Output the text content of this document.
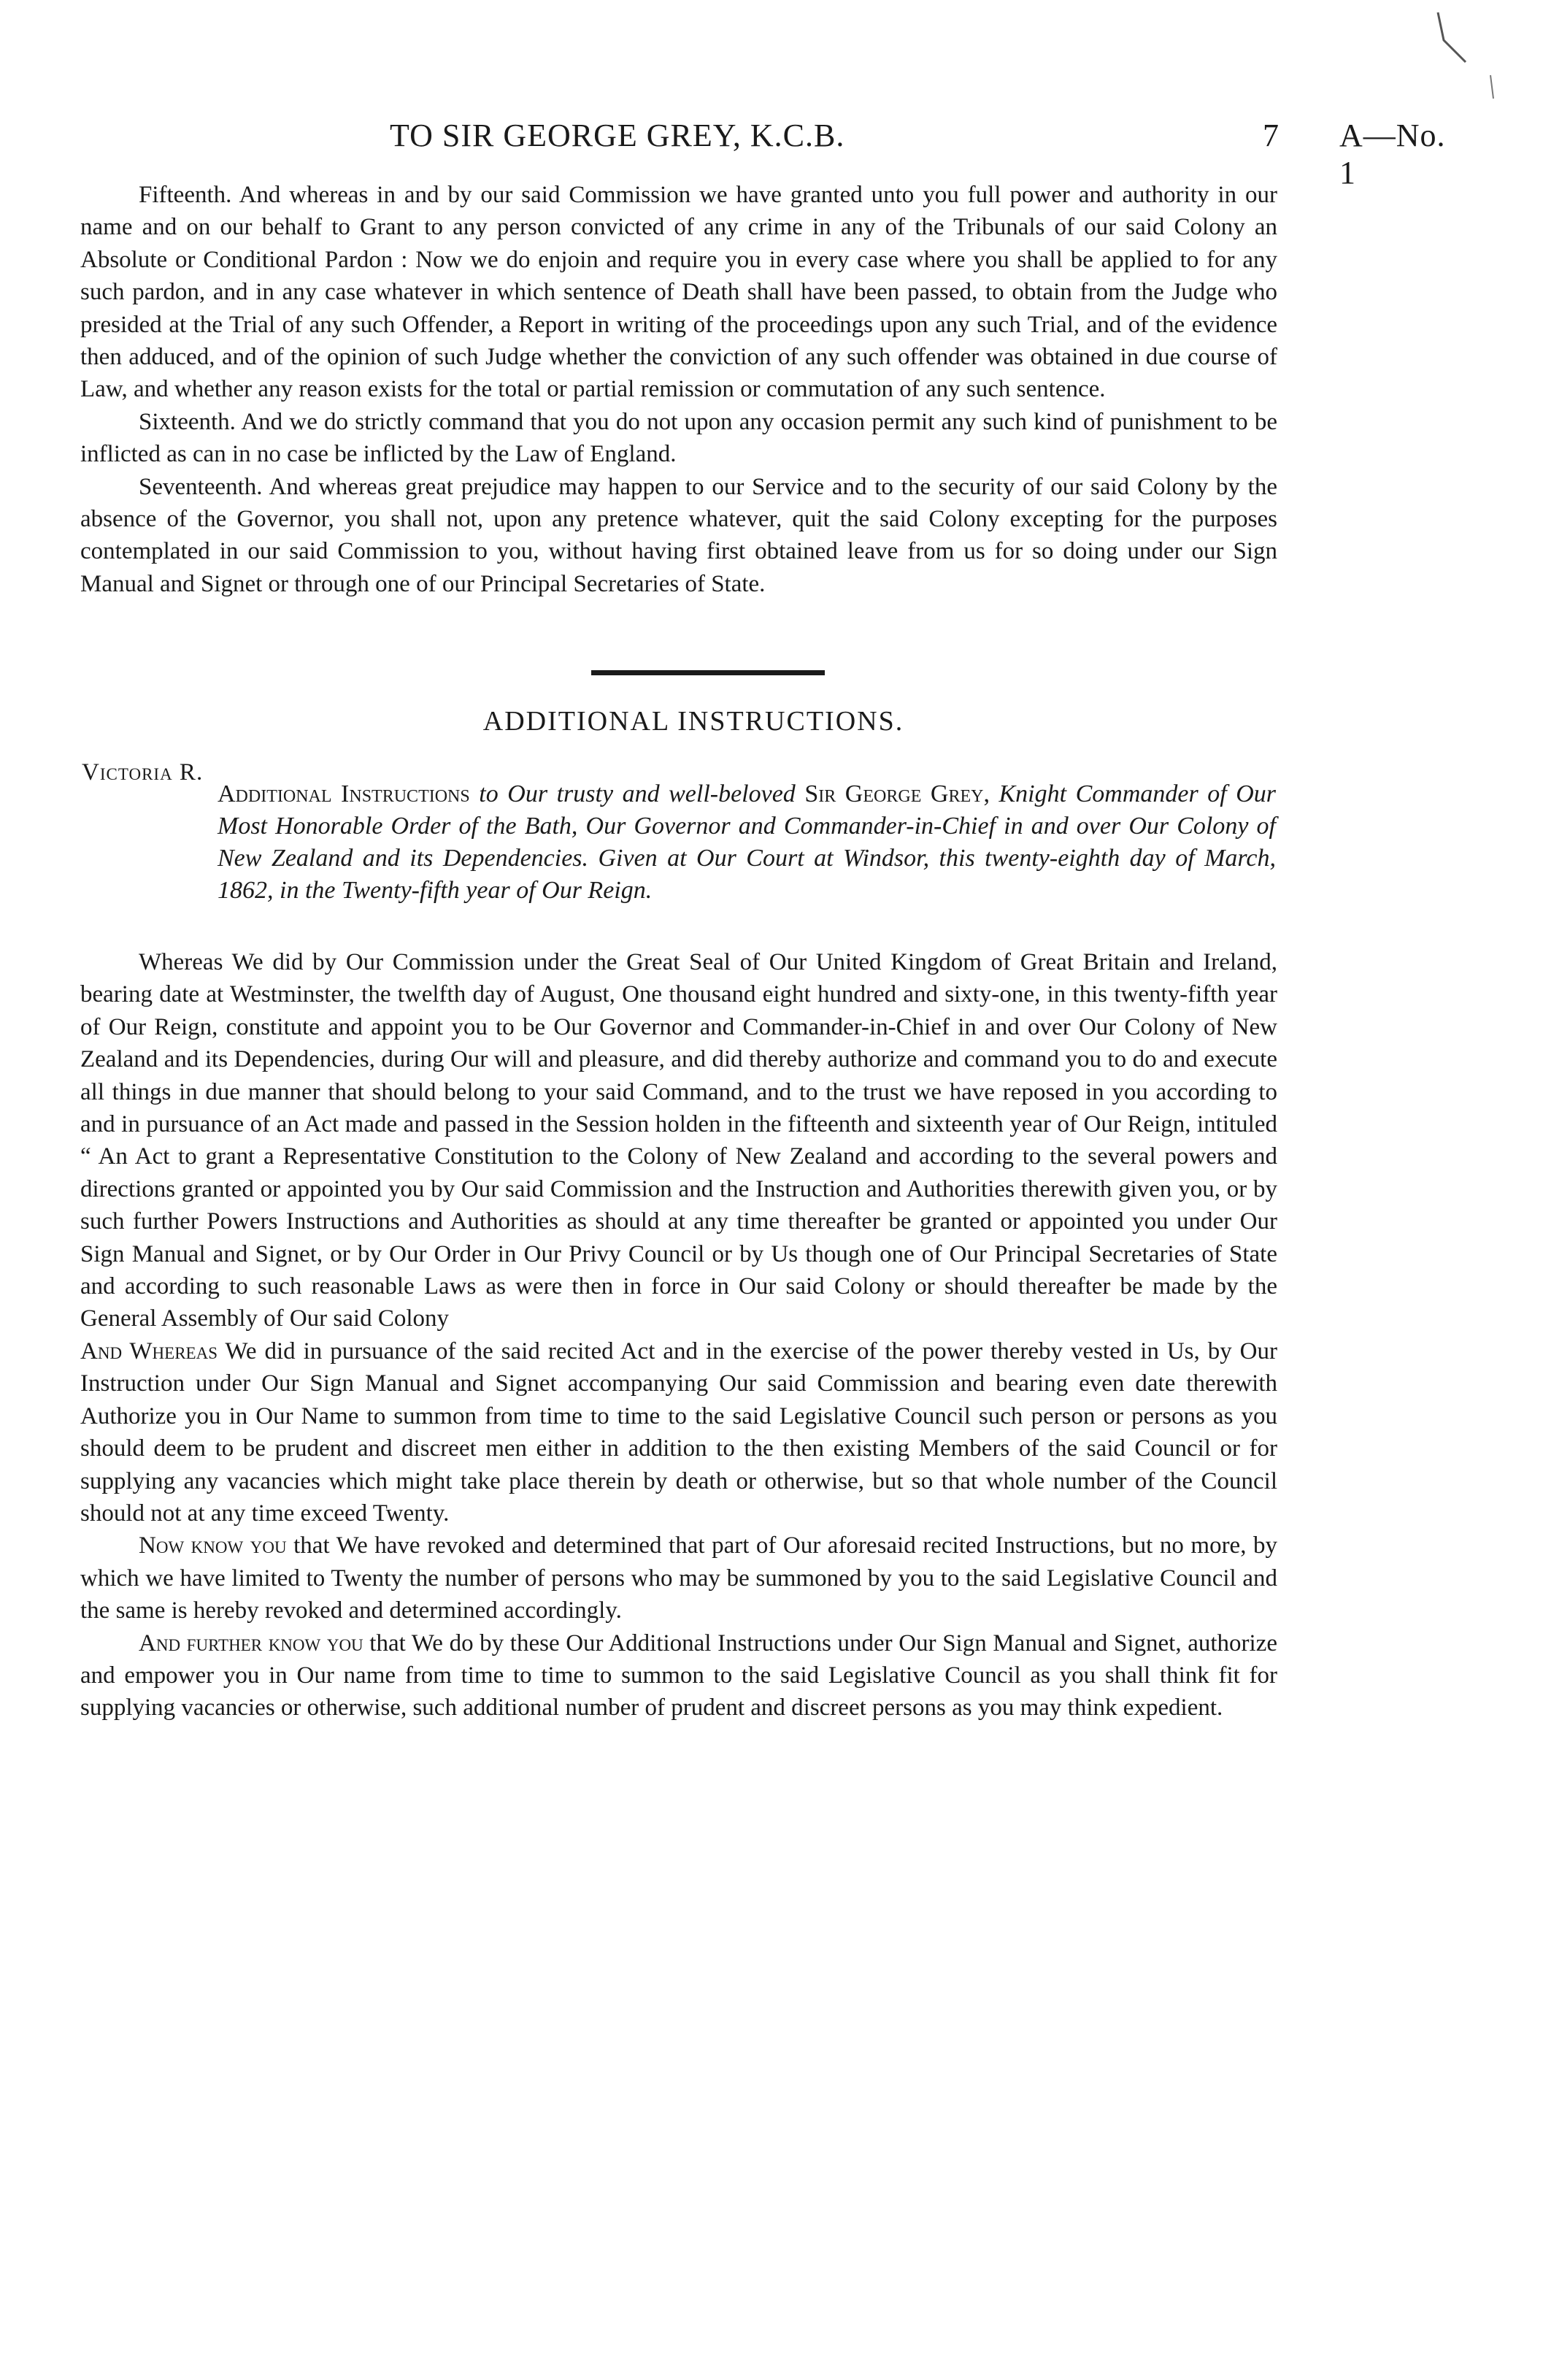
TO SIR GEORGE GREY, K.C.B.	7 A—No. 1

Fifteenth. And whereas in and by our said Commission we have granted unto you full power and authority in our name and on our behalf to Grant to any person convicted of any crime in any of the Tribunals of our said Colony an Absolute or Conditional Pardon : Now we do enjoin and require you in every case where you shall be applied to for any such pardon, and in any case whatever in which sentence of Death shall have been passed, to obtain from the Judge who presided at the Trial of any such Offender, a Report in writing of the proceedings upon any such Trial, and of the evidence then adduced, and of the opinion of such Judge whether the conviction of any such offender was obtained in due course of Law, and whether any reason exists for the total or partial remission or commutation of any such sentence.

Sixteenth. And we do strictly command that you do not upon any occasion permit any such kind of punishment to be inflicted as can in no case be inflicted by the Law of England.

Seventeenth. And whereas great prejudice may happen to our Service and to the security of our said Colony by the absence of the Governor, you shall not, upon any pretence whatever, quit the said Colony excepting for the purposes contemplated in our said Commission to you, without having first obtained leave from us for so doing under our Sign Manual and Signet or through one of our Principal Secretaries of State.

ADDITIONAL INSTRUCTIONS.
Victoria R.
Additional Instructions to Our trusty and well-beloved Sir George Grey, Knight Commander of Our Most Honorable Order of the Bath, Our Governor and Commander-in-Chief in and over Our Colony of New Zealand and its Dependencies. Given at Our Court at Windsor, this twenty-eighth day of March, 1862, in the Twenty-fifth year of Our Reign.

Whereas We did by Our Commission under the Great Seal of Our United Kingdom of Great Britain and Ireland, bearing date at Westminster, the twelfth day of August, One thousand eight hundred and sixty-one, in this twenty-fifth year of Our Reign, constitute and appoint you to be Our Governor and Commander-in-Chief in and over Our Colony of New Zealand and its Dependencies, during Our will and pleasure, and did thereby authorize and command you to do and execute all things in due manner that should belong to your said Command, and to the trust we have reposed in you according to and in pursuance of an Act made and passed in the Session holden in the fifteenth and sixteenth year of Our Reign, intituled “ An Act to grant a Representative Constitution to the Colony of New Zealand and according to the several powers and directions granted or appointed you by Our said Commission and the Instruction and Authorities therewith given you, or by such further Powers Instructions and Authorities as should at any time thereafter be granted or appointed you under Our Sign Manual and Signet, or by Our Order in Our Privy Council or by Us though one of Our Principal Secretaries of State and according to such reasonable Laws as were then in force in Our said Colony or should thereafter be made by the General Assembly of Our said Colony

And Whereas We did in pursuance of the said recited Act and in the exercise of the power thereby vested in Us, by Our Instruction under Our Sign Manual and Signet accompanying Our said Commission and bearing even date therewith Authorize you in Our Name to summon from time to time to the said Legislative Council such person or persons as you should deem to be prudent and discreet men either in addition to the then existing Members of the said Council or for supplying any vacancies which might take place therein by death or otherwise, but so that whole number of the Council should not at any time exceed Twenty.

Now know you that We have revoked and determined that part of Our aforesaid recited Instructions, but no more, by which we have limited to Twenty the number of persons who may be summoned by you to the said Legislative Council and the same is hereby revoked and determined accordingly.

And further know you that We do by these Our Additional Instructions under Our Sign Manual and Signet, authorize and empower you in Our name from time to time to summon to the said Legislative Council as you shall think fit for supplying vacancies or otherwise, such additional number of prudent and discreet persons as you may think expedient.
